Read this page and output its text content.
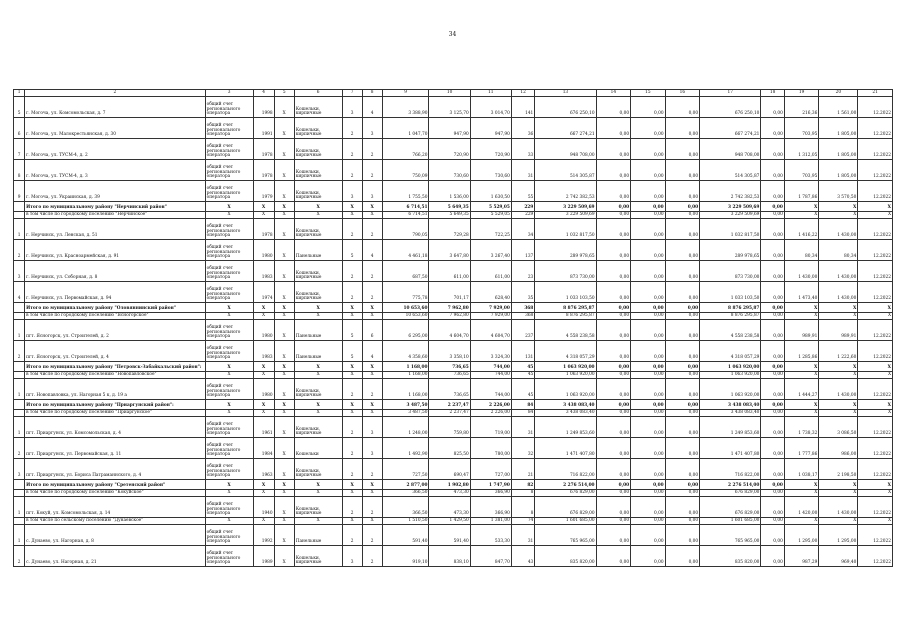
34
1	2	3	4	5	6	7	8	9	10	11	12	13	14	15	16	17	18	19	20	21
5	г. Могоча, ул. Комсомольская, д. 7	общий счет регионального оператора	1998	Х	Кошельки, кирпичные	3	4	3 388,90	3 125,70	3 014,70	141	676 250,10	0,00	0,00	0,00	676 250,10	0,00	216,36	1 561,00	12.2022
6	г. Могоча, ул. Малокрестьянская, д. 30	общий счет регионального оператора	1991	Х	Кошельки, кирпичные	2	3	1 047,70	947,90	947,90	36	667 274,21	0,00	0,00	0,00	667 274,21	0,00	703,95	1 805,00	12.2022
7	г. Могоча, ул. ТУСМ-4, д. 2	общий счет регионального оператора	1978	Х	Кошельки, кирпичные	2	2	766,20	720,90	720,90	33	948 708,00	0,00	0,00	0,00	948 708,00	0,00	1 312,05	1 805,00	12.2022
8	г. Могоча, ул. ТУСМ-4, д. 3	общий счет регионального оператора	1978	Х	Кошельки, кирпичные	2	2	750,09	730,60	730,60	31	514 305,87	0,00	0,00	0,00	514 305,87	0,00	703,95	1 805,00	12.2022
9	г. Могоча, ул. Украинская, д. 39	общий счет регионального оператора	1979	Х	Кошельки, кирпичные	3	3	1 755,50	1 536,00	1 630,50	55	2 742 382,53	0,00	0,00	0,00	2 742 382,53	0,00	1 787,86	3 570,50	12.2022
	Итого по муниципальному району "Нерчинский район"	Х	Х	Х	Х	Х	Х	6 714,51	5 649,35	5 529,05	229	3 229 509,69	0,00	0,00	0,00	3 229 509,69	0,00	Х	Х	Х
	в том числе по городскому поселению "Нерчинское"	Х	Х	Х	Х	Х	Х	6 714,51	5 649,35	5 529,05	229	3 229 509,69	0,00	0,00	0,00	3 229 509,69	0,00	Х	Х	Х
1	г. Нерчинск, ул. Ленская, д. 51	общий счет регионального оператора	1978	Х	Кошельки, кирпичные	2	2	790,05	729,28	722,25	34	1 032 817,50	0,00	0,00	0,00	1 032 817,50	0,00	1 416,22	1 430,00	12.2022
2	г. Нерчинск, ул. Красноармейская, д. 91	общий счет регионального оператора	1980	Х	Панельные	5	4	4 461,18	3 647,80	3 267,40	137	289 978,65	0,00	0,00	0,00	289 978,65	0,00	80,34	80,34	12.2022
3	г. Нерчинск, ул. Соборная, д. 8	общий счет регионального оператора	1983	Х	Кошельки, кирпичные	2	2	687,50	611,00	611,00	23	873 730,00	0,00	0,00	0,00	873 730,00	0,00	1 430,00	1 430,00	12.2022
4	г. Нерчинск, ул. Первомайская, д. 94	общий счет регионального оператора	1974	Х	Кошельки, кирпичные	2	2	775,78	701,17	628,40	35	1 033 103,50	0,00	0,00	0,00	1 033 103,50	0,00	1 473,40	1 430,00	12.2022
	Итого по муниципальному району "Оловяннинский район"	Х	Х	Х	Х	Х	Х	10 653,60	7 962,80	7 929,00	368	8 876 295,87	0,00	0,00	0,00	8 876 295,87	0,00	Х	Х	Х
	в том числе по городскому поселению "Ясногорское"	Х	Х	Х	Х	Х	Х	10 653,60	7 962,80	7 929,00	368	8 876 295,87	0,00	0,00	0,00	8 876 295,87	0,00	Х	Х	Х
1	пгт. Ясногорск, ул. Строителей, д. 2	общий счет регионального оператора	1980	Х	Панельные	5	6	6 295,00	4 604,70	4 604,70	237	4 558 238,58	0,00	0,00	0,00	4 558 238,58	0,00	989,91	989,91	12.2022
2	пгт. Ясногорск, ул. Строителей, д. 4	общий счет регионального оператора	1983	Х	Панельные	5	4	4 358,60	3 358,10	3 324,30	131	4 318 057,29	0,00	0,00	0,00	4 318 057,29	0,00	1 285,86	1 222,60	12.2022
	Итого по муниципальному району "Петровск-Забайкальский район":	Х	Х	Х	Х	Х	Х	1 168,00	736,65	744,00	45	1 063 920,00	0,00	0,00	0,00	1 063 920,00	0,00	Х	Х	Х
	в том числе по городскому поселению "Новопавловское"	Х	Х	Х	Х	Х	Х	1 168,00	736,65	744,00	45	1 063 920,00	0,00	0,00	0,00	1 063 920,00	0,00	Х	Х	Х
1	пгт. Новопавловка, ул. Нагорная 5 к, д. 19 а	общий счет регионального оператора	1980	Х	Кошельки, кирпичные	2	2	1 168,00	736,65	744,00	45	1 063 920,00	0,00	0,00	0,00	1 063 920,00	0,00	1 444,27	1 430,00	12.2022
	Итого по муниципальному району "Приаргунский район":	Х	Х	Х	Х	Х	Х	3 487,50	2 237,47	2 226,00	84	3 438 083,40	0,00	0,00	0,00	3 438 083,40	0,00	Х	Х	Х
	в том числе по городскому поселению "Приаргунское"	Х	Х	Х	Х	Х	Х	3 487,50	2 237,47	2 226,00	84	3 438 083,40	0,00	0,00	0,00	3 438 083,40	0,00	Х	Х	Х
1	пгт. Приаргунск, ул. Комсомольская, д. 4	общий счет регионального оператора	1961	Х	Кошельки, кирпичные	2	3	1 248,00	759,80	719,00	31	1 249 853,60	0,00	0,00	0,00	1 249 853,60	0,00	1 738,32	3 086,50	12.2022
2	пгт. Приаргунск, ул. Первомайская, д. 11	общий счет регионального оператора	1984	Х	Кошельки	2	3	1 492,90	825,50	780,00	32	1 471 407,80	0,00	0,00	0,00	1 471 407,80	0,00	1 777,86	986,00	12.2022
3	пгт. Приаргунск, ул. Бориса Патраманнского, д. 4	общий счет регионального оператора	1963	Х	Кошельки, кирпичные	2	2	727,50	690,47	727,00	21	716 822,00	0,00	0,00	0,00	716 822,00	0,00	1 038,17	2 198,50	12.2022
	Итого по муниципальному району "Сретенский район"	Х	Х	Х	Х	Х	Х	2 877,00	1 902,80	1 747,90	82	2 276 514,00	0,00	0,00	0,00	2 276 514,00	0,00	Х	Х	Х
	в том числе по городскому поселению "Кокуйское"	Х	Х	Х	Х	Х	Х	366,50	473,30	366,90	8	676 829,00	0,00	0,00	0,00	676 829,00	0,00	Х	Х	Х
1	пгт. Кокуй, ул. Комсомольская, д. 14	общий счет регионального оператора	1940	Х	Кошельки, кирпичные	2	2	366,50	473,30	366,90	8	676 829,00	0,00	0,00	0,00	676 829,00	0,00	1 420,00	1 430,00	12.2022
	в том числе по сельскому поселению "Дунаевское"	Х	Х	Х	Х	Х	Х	1 510,50	1 429,50	1 381,00	74	1 601 685,00	0,00	0,00	0,00	1 601 685,00	0,00	Х	Х	Х
1	с. Дунаево, ул. Нагорная, д. 8	общий счет регионального оператора	1992	Х	Панельные	2	2	591,40	591,40	533,30	31	765 965,00	0,00	0,00	0,00	765 965,00	0,00	1 295,00	1 295,00	12.2022
2	с. Дунаево, ул. Нагорная, д. 21	общий счет регионального оператора	1989	Х	Кошельки, кирпичные	3	2	919,10	838,10	847,70	43	835 820,00	0,00	0,00	0,00	835 820,00	0,00	987,29	969,40	12.2022
